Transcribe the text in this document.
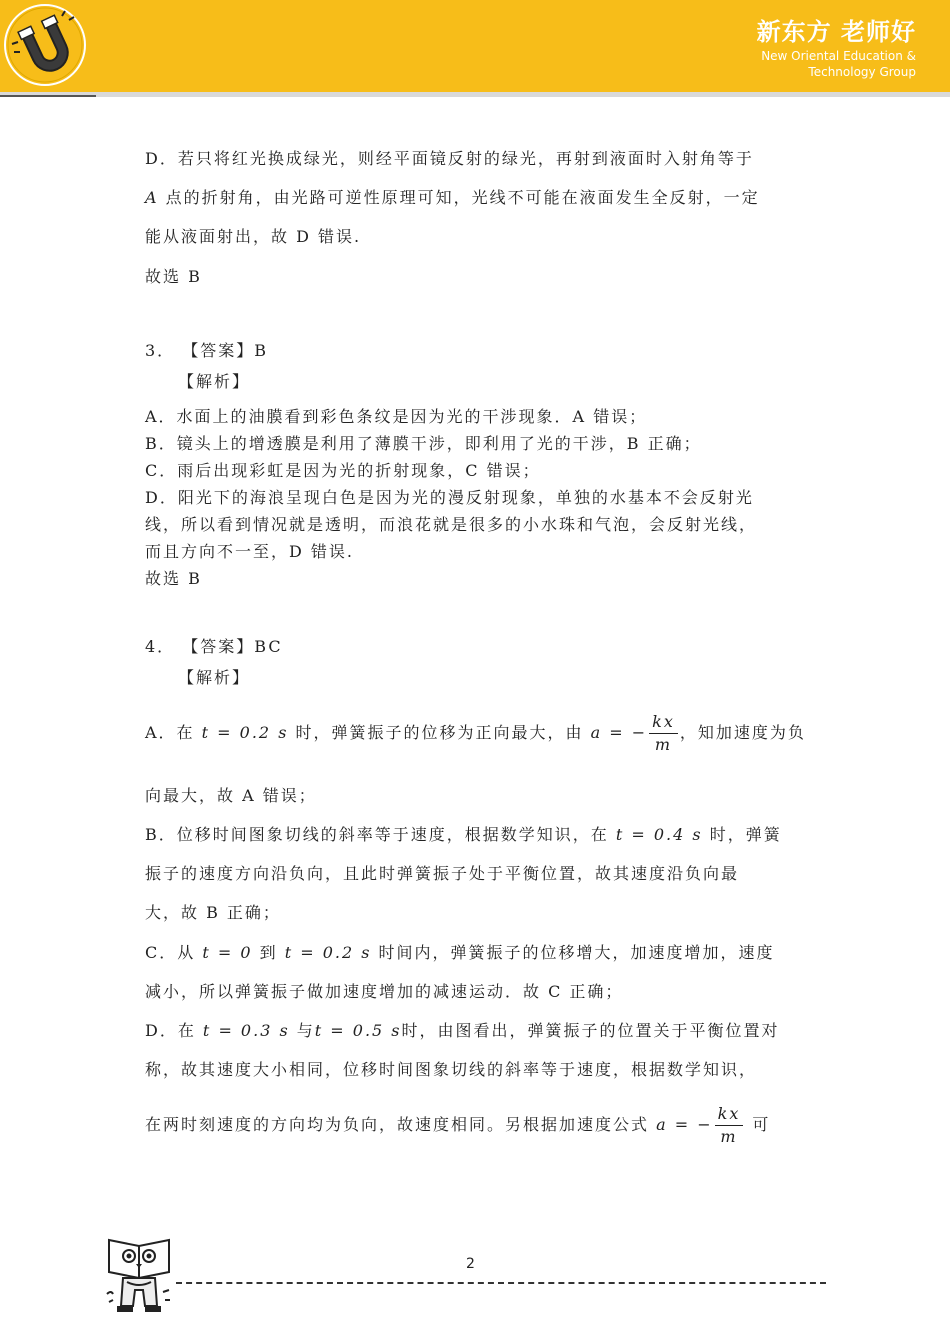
新东方 老师好
New Oriental Education &
Technology Group
D．若只将红光换成绿光，则经平面镜反射的绿光，再射到液面时入射角等于
A 点的折射角，由光路可逆性原理可知，光线不可能在液面发生全反射，一定
能从液面射出，故 D 错误.
故选 B
3． 【答案】B
【解析】
A．水面上的油膜看到彩色条纹是因为光的干涉现象．A 错误；
B．镜头上的增透膜是利用了薄膜干涉，即利用了光的干涉，B 正确；
C．雨后出现彩虹是因为光的折射现象，C 错误；
D．阳光下的海浪呈现白色是因为光的漫反射现象，单独的水基本不会反射光
线，所以看到情况就是透明，而浪花就是很多的小水珠和气泡，会反射光线，
而且方向不一至，D 错误.
故选 B
4． 【答案】BC
【解析】
A．在 t = 0.2 s 时，弹簧振子的位移为正向最大，由 a = − $\frac{kx}{m}$ ，知加速度为负
向最大，故 A 错误；
B．位移时间图象切线的斜率等于速度，根据数学知识，在 t = 0.4 s 时，弹簧
振子的速度方向沿负向，且此时弹簧振子处于平衡位置，故其速度沿负向最
大，故 B 正确；
C．从 t = 0 到 t = 0.2 s 时间内，弹簧振子的位移增大，加速度增加，速度
减小，所以弹簧振子做加速度增加的减速运动．故 C 正确；
D．在 t = 0.3 s 与t = 0.5 s时，由图看出，弹簧振子的位置关于平衡位置对
称，故其速度大小相同，位移时间图象切线的斜率等于速度，根据数学知识，
在两时刻速度的方向均为负向，故速度相同。另根据加速度公式 a = − $\frac{kx}{m}$ 可
2
